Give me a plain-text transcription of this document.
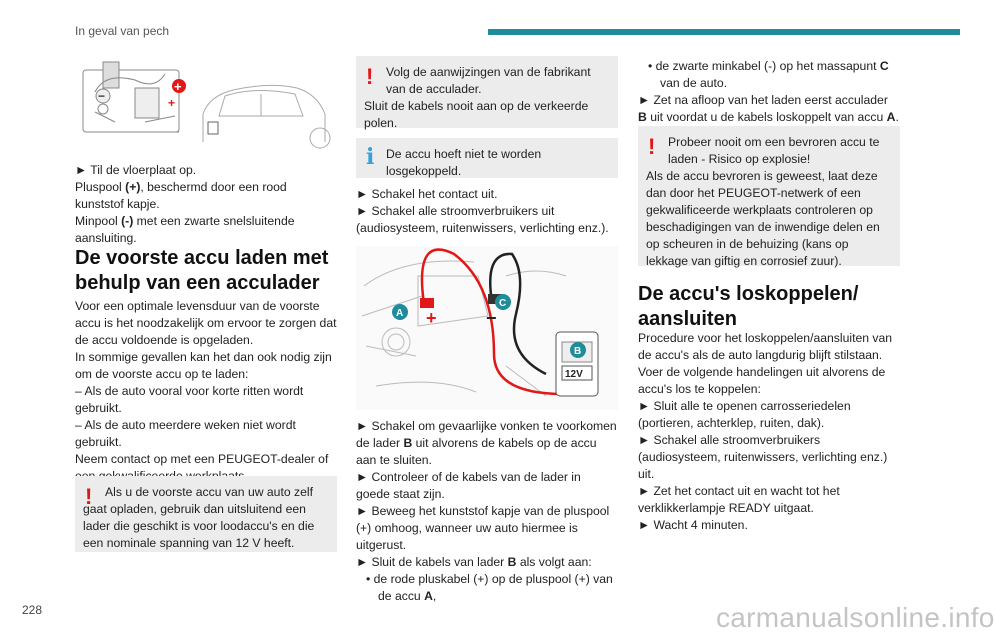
In geval van pech
−
+
+

► Til de vloerplaat op.

Pluspool (+), beschermd door een rood kunststof kapje.

Minpool (-) met een zwarte snelsluitende aansluiting.

De voorste accu laden met behulp van een acculader

Voor een optimale levensduur van de voorste accu is het noodzakelijk om ervoor te zorgen dat de accu voldoende is opgeladen.

In sommige gevallen kan het dan ook nodig zijn om de voorste accu op te laden:

– Als de auto vooral voor korte ritten wordt gebruikt.

– Als de auto meerdere weken niet wordt gebruikt.

Neem contact op met een PEUGEOT-dealer of

!	Als u de voorste accu van uw auto zelf gaat opladen, gebruik dan uitsluitend een lader die geschikt is voor loodaccu's en die een nominale spanning van 12 V heeft.
!	Volg de aanwijzingen van de fabrikant van de acculader.
Sluit de kabels nooit aan op de verkeerde polen.
i De accu hoeft niet te worden losgekoppeld.

► Schakel het contact uit.

► Schakel alle stroomverbruikers uit (audiosysteem, ruitenwissers, verlichting enz.).

+	−
12V
A
B
C

► Schakel om gevaarlijke vonken te voorkomen de lader B uit alvorens de kabels op de accu aan te sluiten.

► Controleer of de kabels van de lader in goede staat zijn.

► Beweeg het kunststof kapje van de pluspool (+) omhoog, wanneer uw auto hiermee is uitgerust.

► Sluit de kabels van lader B als volgt aan:

• de rode pluskabel (+) op de pluspool (+) van de accu A,

• de zwarte minkabel (-) op het massapunt C van de auto.

► Zet na afloop van het laden eerst acculader B uit voordat u de kabels loskoppelt van accu A.

!	Probeer nooit om een bevroren accu te laden - Risico op explosie!
Als de accu bevroren is geweest, laat deze dan door het PEUGEOT-netwerk of een gekwalificeerde werkplaats controleren op beschadigingen van de inwendige delen en op scheuren in de behuizing (kans op lekkage van giftig en corrosief zuur).
De accu's loskoppelen/ aansluiten

Procedure voor het loskoppelen/aansluiten van de accu's als de auto langdurig blijft stilstaan.

Voer de volgende handelingen uit alvorens de accu's los te koppelen:

► Sluit alle te openen carrosseriedelen (portieren, achterklep, ruiten, dak).

► Schakel alle stroomverbruikers (audiosysteem, ruitenwissers, verlichting enz.) uit.

► Zet het contact uit en wacht tot het verklikkerlampje READY uitgaat.

► Wacht 4 minuten.

228	carmanualsonline.info
